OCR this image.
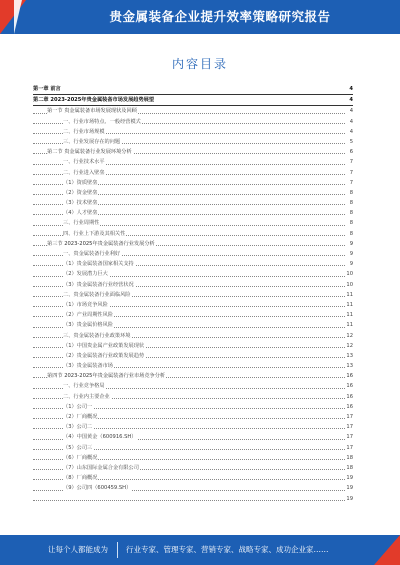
贵金属装备企业提升效率策略研究报告
内容目录
第一章 前言	4
第二章 2023-2025年贵金属装备市场发展趋势展望	4
第一节 贵金属装备市场发展现状及回顾	4
一、行业市场特点、一般经营模式	4
二、行业市场规模	4
三、行业发展存在的问题	5
第二节 贵金属装备行业发展环境分析	6
一、行业技术水平	7
二、行业进入壁垒	7
（1）资质壁垒	7
（2）资金壁垒	8
（3）技术壁垒	8
（4）人才壁垒	8
三、行业周期性	8
四、行业上下游及其相关性	8
第三节 2023-2025年贵金属装备行业发展分析	9
一、贵金属装备行业利好	9
（1）贵金属装备国家相关支持	9
（2）发展潜力巨大	10
（3）贵金属装备行业经营状况	10
二、贵金属装备行业面临风险	11
（1）市场竞争风险	11
（2）产业周期性风险	11
（3）贵金属价格风险	11
三、贵金属装备行业政策环境	12
（1）中国贵金属产业政策发展现状	12
（2）贵金属装备行业政策发展趋势	13
（3）贵金属装备市场	13
第四节 2023-2025年贵金属装备行业市场竞争分析	16
一、行业竞争格局	16
二、行业内主要企业	16
（1）公司一	16
（2）厂商概况	17
（3）公司二	17
（4）中国黄金（600916.SH）	17
（5）公司三	17
（6）厂商概况	18
（7）山东国际金属合金有限公司	18
（8）厂商概况	19
（9）公司四（600459.SH）	19
19
让每个人都能成为 行业专家、管理专家、营销专家、战略专家、成功企业家……
